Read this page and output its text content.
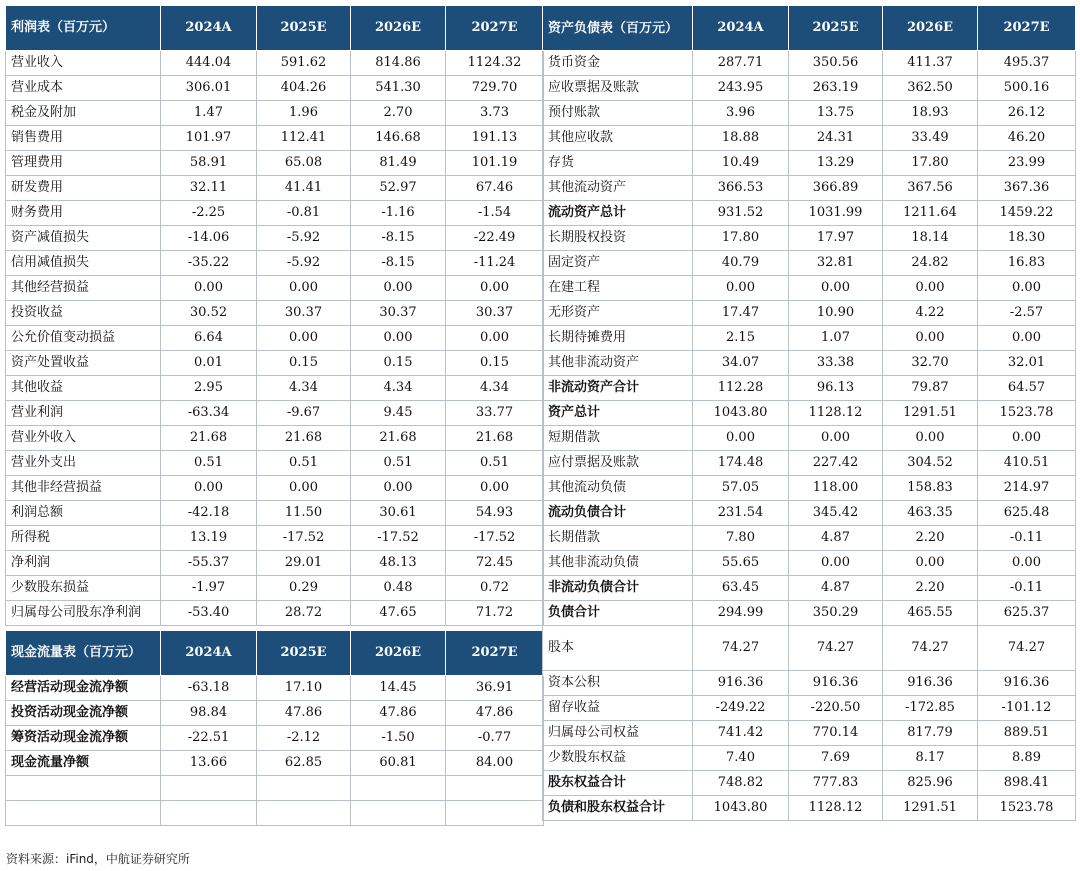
利润表（百万元）	2024A	2025E	2026E	2027E
营业收入	444.04	591.62	814.86	1124.32
营业成本	306.01	404.26	541.30	729.70
税金及附加	1.47	1.96	2.70	3.73
销售费用	101.97	112.41	146.68	191.13
管理费用	58.91	65.08	81.49	101.19
研发费用	32.11	41.41	52.97	67.46
财务费用	-2.25	-0.81	-1.16	-1.54
资产减值损失	-14.06	-5.92	-8.15	-22.49
信用减值损失	-35.22	-5.92	-8.15	-11.24
其他经营损益	0.00	0.00	0.00	0.00
投资收益	30.52	30.37	30.37	30.37
公允价值变动损益	6.64	0.00	0.00	0.00
资产处置收益	0.01	0.15	0.15	0.15
其他收益	2.95	4.34	4.34	4.34
营业利润	-63.34	-9.67	9.45	33.77
营业外收入	21.68	21.68	21.68	21.68
营业外支出	0.51	0.51	0.51	0.51
其他非经营损益	0.00	0.00	0.00	0.00
利润总额	-42.18	11.50	30.61	54.93
所得税	13.19	-17.52	-17.52	-17.52
净利润	-55.37	29.01	48.13	72.45
少数股东损益	-1.97	0.29	0.48	0.72
归属母公司股东净利润	-53.40	28.72	47.65	71.72
现金流量表（百万元）	2024A	2025E	2026E	2027E
经营活动现金流净额	-63.18	17.10	14.45	36.91
投资活动现金流净额	98.84	47.86	47.86	47.86
筹资活动现金流净额	-22.51	-2.12	-1.50	-0.77
现金流量净额	13.66	62.85	60.81	84.00

资产负债表（百万元）	2024A	2025E	2026E	2027E
货币资金	287.71	350.56	411.37	495.37
应收票据及账款	243.95	263.19	362.50	500.16
预付账款	3.96	13.75	18.93	26.12
其他应收款	18.88	24.31	33.49	46.20
存货	10.49	13.29	17.80	23.99
其他流动资产	366.53	366.89	367.56	367.36
流动资产总计	931.52	1031.99	1211.64	1459.22
长期股权投资	17.80	17.97	18.14	18.30
固定资产	40.79	32.81	24.82	16.83
在建工程	0.00	0.00	0.00	0.00
无形资产	17.47	10.90	4.22	-2.57
长期待摊费用	2.15	1.07	0.00	0.00
其他非流动资产	34.07	33.38	32.70	32.01
非流动资产合计	112.28	96.13	79.87	64.57
资产总计	1043.80	1128.12	1291.51	1523.78
短期借款	0.00	0.00	0.00	0.00
应付票据及账款	174.48	227.42	304.52	410.51
其他流动负债	57.05	118.00	158.83	214.97
流动负债合计	231.54	345.42	463.35	625.48
长期借款	7.80	4.87	2.20	-0.11
其他非流动负债	55.65	0.00	0.00	0.00
非流动负债合计	63.45	4.87	2.20	-0.11
负债合计	294.99	350.29	465.55	625.37
股本	74.27	74.27	74.27	74.27
资本公积	916.36	916.36	916.36	916.36
留存收益	-249.22	-220.50	-172.85	-101.12
归属母公司权益	741.42	770.14	817.79	889.51
少数股东权益	7.40	7.69	8.17	8.89
股东权益合计	748.82	777.83	825.96	898.41
负债和股东权益合计	1043.80	1128.12	1291.51	1523.78
资料来源：iFind，中航证券研究所
